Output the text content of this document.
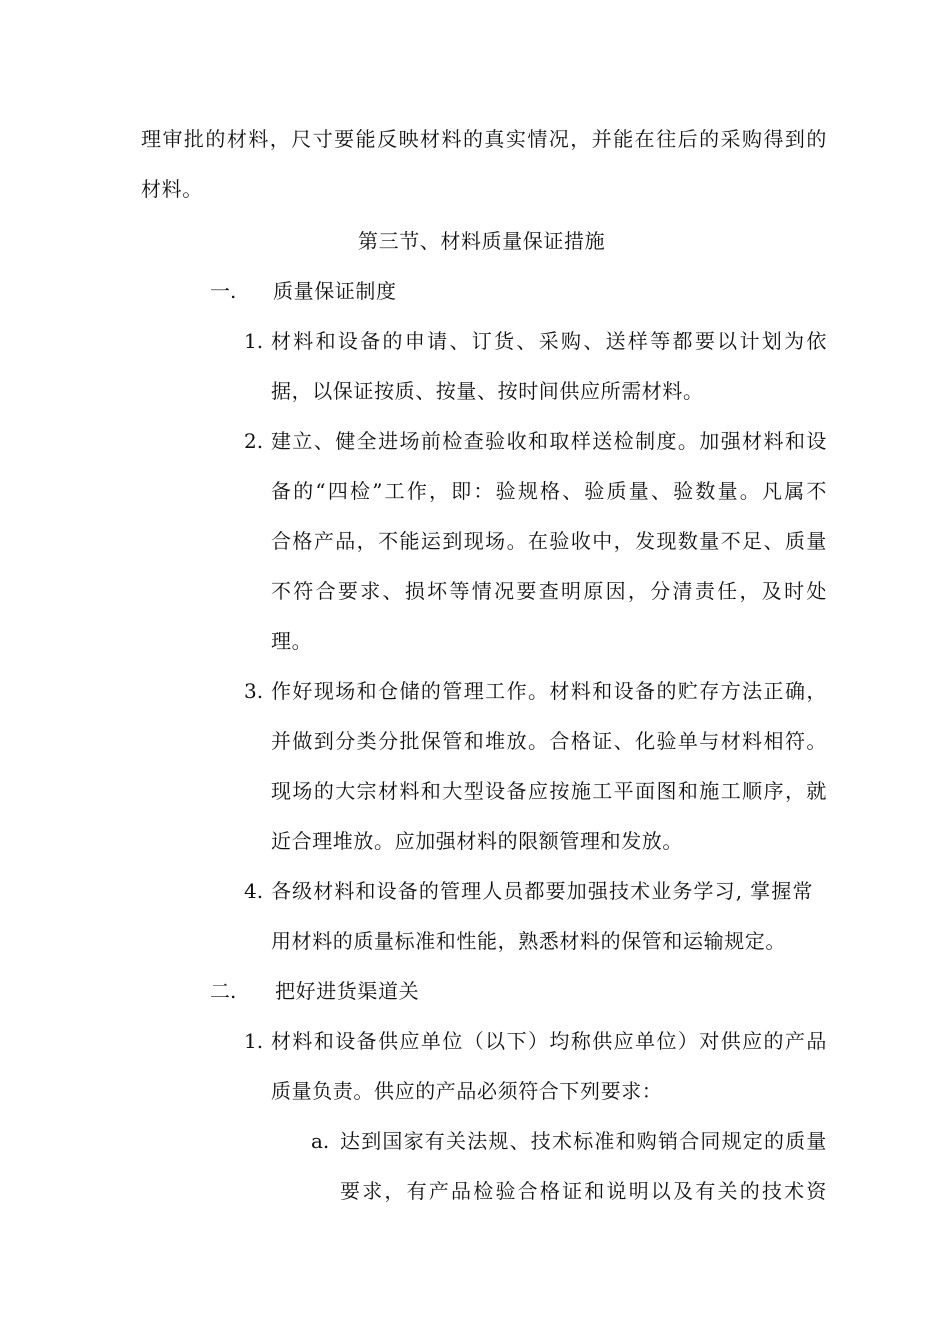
理审批的材料，尺寸要能反映材料的真实情况，并能在往后的采购得到的
材料。
第三节、材料质量保证措施
一. 质量保证制度
1. 材料和设备的申请、订货、采购、送样等都要以计划为依
据，以保证按质、按量、按时间供应所需材料。
2. 建立、健全进场前检查验收和取样送检制度。加强材料和设
备的“四检”工作，即：验规格、验质量、验数量。凡属不
合格产品，不能运到现场。在验收中，发现数量不足、质量
不符合要求、损坏等情况要查明原因，分清责任，及时处
理。
3. 作好现场和仓储的管理工作。材料和设备的贮存方法正确，
并做到分类分批保管和堆放。合格证、化验单与材料相符。
现场的大宗材料和大型设备应按施工平面图和施工顺序，就
近合理堆放。应加强材料的限额管理和发放。
4. 各级材料和设备的管理人员都要加强技术业务学习, 掌握常
用材料的质量标准和性能，熟悉材料的保管和运输规定。
二. 把好进货渠道关
1. 材料和设备供应单位（以下）均称供应单位）对供应的产品
质量负责。供应的产品必须符合下列要求：
a. 达到国家有关法规、技术标准和购销合同规定的质量
要求，有产品检验合格证和说明以及有关的技术资
